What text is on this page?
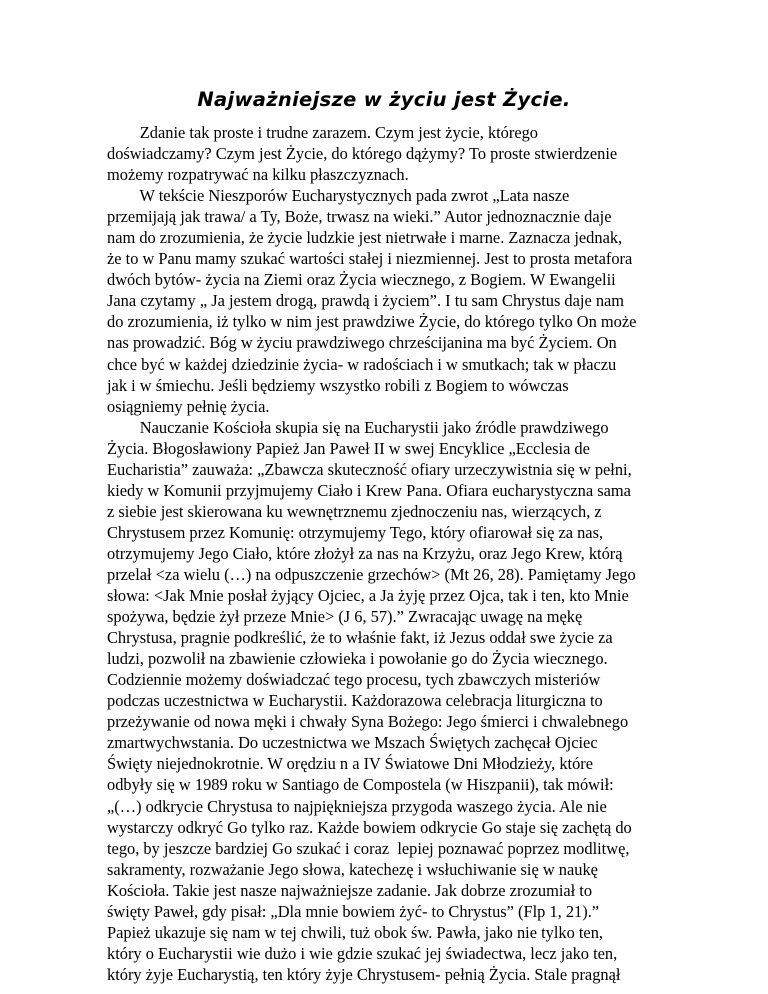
Najważniejsze w życiu jest Życie.
Zdanie tak proste i trudne zarazem. Czym jest życie, którego
doświadczamy? Czym jest Życie, do którego dążymy? To proste stwierdzenie
możemy rozpatrywać na kilku płaszczyznach.
W tekście Nieszporów Eucharystycznych pada zwrot „Lata nasze
przemijają jak trawa/ a Ty, Boże, trwasz na wieki.” Autor jednoznacznie daje
nam do zrozumienia, że życie ludzkie jest nietrwałe i marne. Zaznacza jednak,
że to w Panu mamy szukać wartości stałej i niezmiennej. Jest to prosta metafora
dwóch bytów- życia na Ziemi oraz Życia wiecznego, z Bogiem. W Ewangelii
Jana czytamy „ Ja jestem drogą, prawdą i życiem”. I tu sam Chrystus daje nam
do zrozumienia, iż tylko w nim jest prawdziwe Życie, do którego tylko On może
nas prowadzić. Bóg w życiu prawdziwego chrześcijanina ma być Życiem. On
chce być w każdej dziedzinie życia- w radościach i w smutkach; tak w płaczu
jak i w śmiechu. Jeśli będziemy wszystko robili z Bogiem to wówczas
osiągniemy pełnię życia.
Nauczanie Kościoła skupia się na Eucharystii jako źródle prawdziwego
Życia. Błogosławiony Papież Jan Paweł II w swej Encyklice „Ecclesia de
Eucharistia” zauważa: „Zbawcza skuteczność ofiary urzeczywistnia się w pełni,
kiedy w Komunii przyjmujemy Ciało i Krew Pana. Ofiara eucharystyczna sama
z siebie jest skierowana ku wewnętrznemu zjednoczeniu nas, wierzących, z
Chrystusem przez Komunię: otrzymujemy Tego, który ofiarował się za nas,
otrzymujemy Jego Ciało, które złożył za nas na Krzyżu, oraz Jego Krew, którą
przelał <za wielu (…) na odpuszczenie grzechów> (Mt 26, 28). Pamiętamy Jego
słowa: <Jak Mnie posłał żyjący Ojciec, a Ja żyję przez Ojca, tak i ten, kto Mnie
spożywa, będzie żył przeze Mnie> (J 6, 57).” Zwracając uwagę na mękę
Chrystusa, pragnie podkreślić, że to właśnie fakt, iż Jezus oddał swe życie za
ludzi, pozwolił na zbawienie człowieka i powołanie go do Życia wiecznego.
Codziennie możemy doświadczać tego procesu, tych zbawczych misteriów
podczas uczestnictwa w Eucharystii. Każdorazowa celebracja liturgiczna to
przeżywanie od nowa męki i chwały Syna Bożego: Jego śmierci i chwalebnego
zmartwychwstania. Do uczestnictwa we Mszach Świętych zachęcał Ojciec
Święty niejednokrotnie. W orędziu n a IV Światowe Dni Młodzieży, które
odbyły się w 1989 roku w Santiago de Compostela (w Hiszpanii), tak mówił:
„(…) odkrycie Chrystusa to najpiękniejsza przygoda waszego życia. Ale nie
wystarczy odkryć Go tylko raz. Każde bowiem odkrycie Go staje się zachętą do
tego, by jeszcze bardziej Go szukać i coraz  lepiej poznawać poprzez modlitwę,
sakramenty, rozważanie Jego słowa, katechezę i wsłuchiwanie się w naukę
Kościoła. Takie jest nasze najważniejsze zadanie. Jak dobrze zrozumiał to
święty Paweł, gdy pisał: „Dla mnie bowiem żyć- to Chrystus” (Flp 1, 21).”
Papież ukazuje się nam w tej chwili, tuż obok św. Pawła, jako nie tylko ten,
który o Eucharystii wie dużo i wie gdzie szukać jej świadectwa, lecz jako ten,
który żyje Eucharystią, ten który żyje Chrystusem- pełnią Życia. Stale pragnął
